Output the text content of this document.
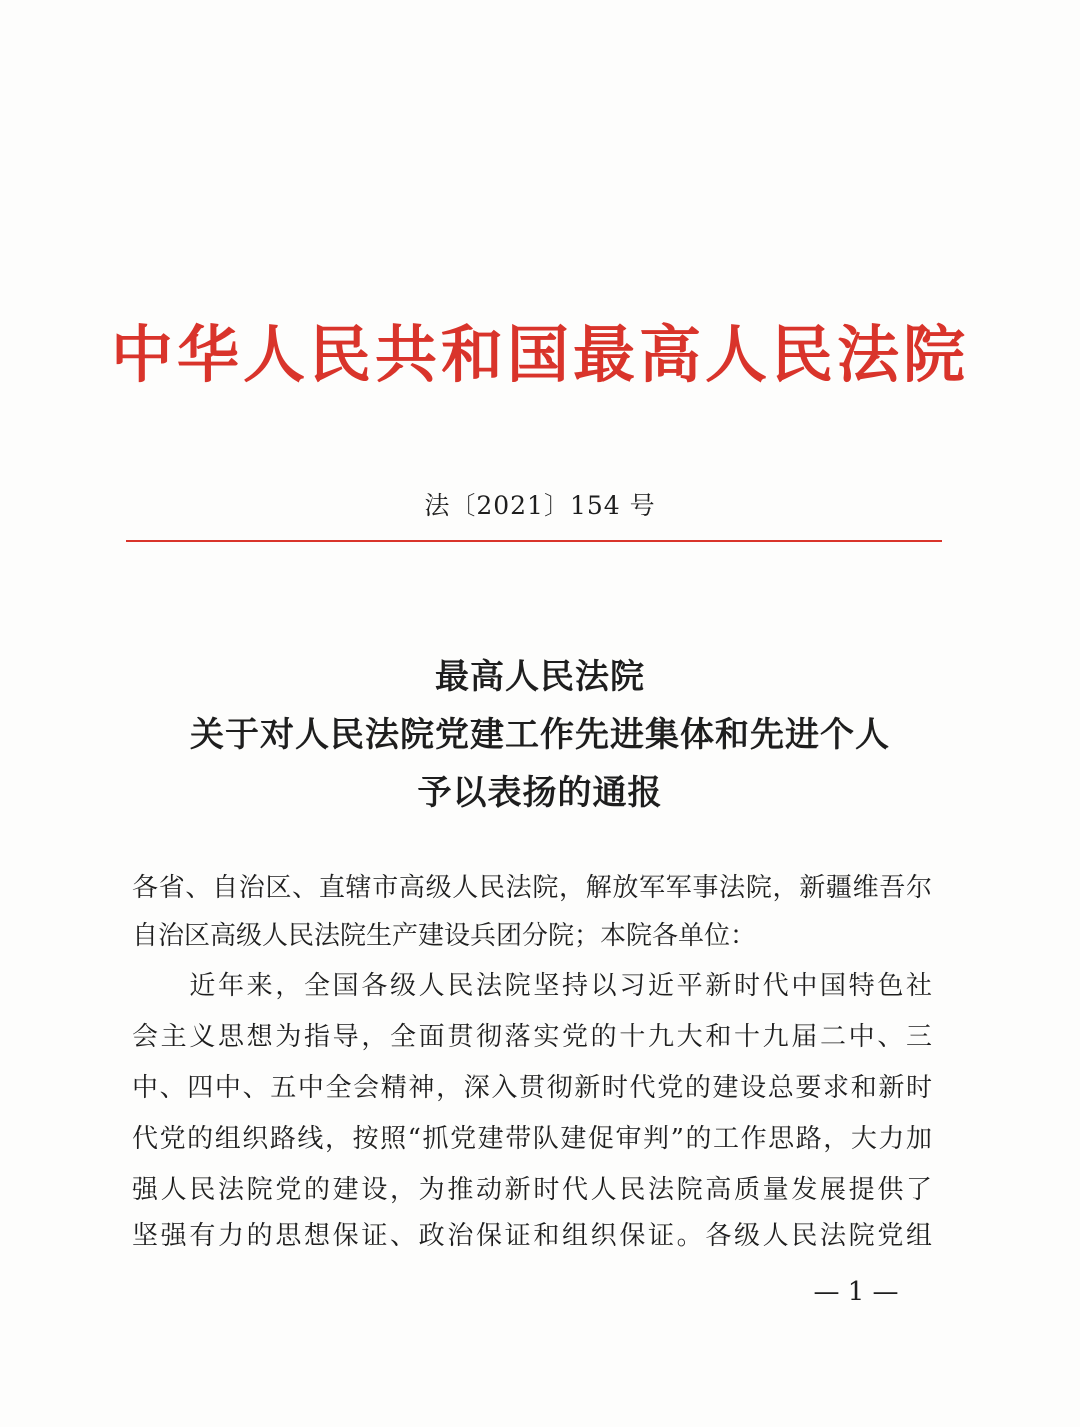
中华人民共和国最高人民法院
法〔2021〕154 号
最高人民法院
关于对人民法院党建工作先进集体和先进个人
予以表扬的通报
各省、自治区、直辖市高级人民法院，解放军军事法院，新疆维吾尔
自治区高级人民法院生产建设兵团分院；本院各单位：
　　近年来，全国各级人民法院坚持以习近平新时代中国特色社
会主义思想为指导，全面贯彻落实党的十九大和十九届二中、三
中、四中、五中全会精神，深入贯彻新时代党的建设总要求和新时
代党的组织路线，按照“抓党建带队建促审判”的工作思路，大力加
强人民法院党的建设，为推动新时代人民法院高质量发展提供了
坚强有力的思想保证、政治保证和组织保证。各级人民法院党组
— 1 —
